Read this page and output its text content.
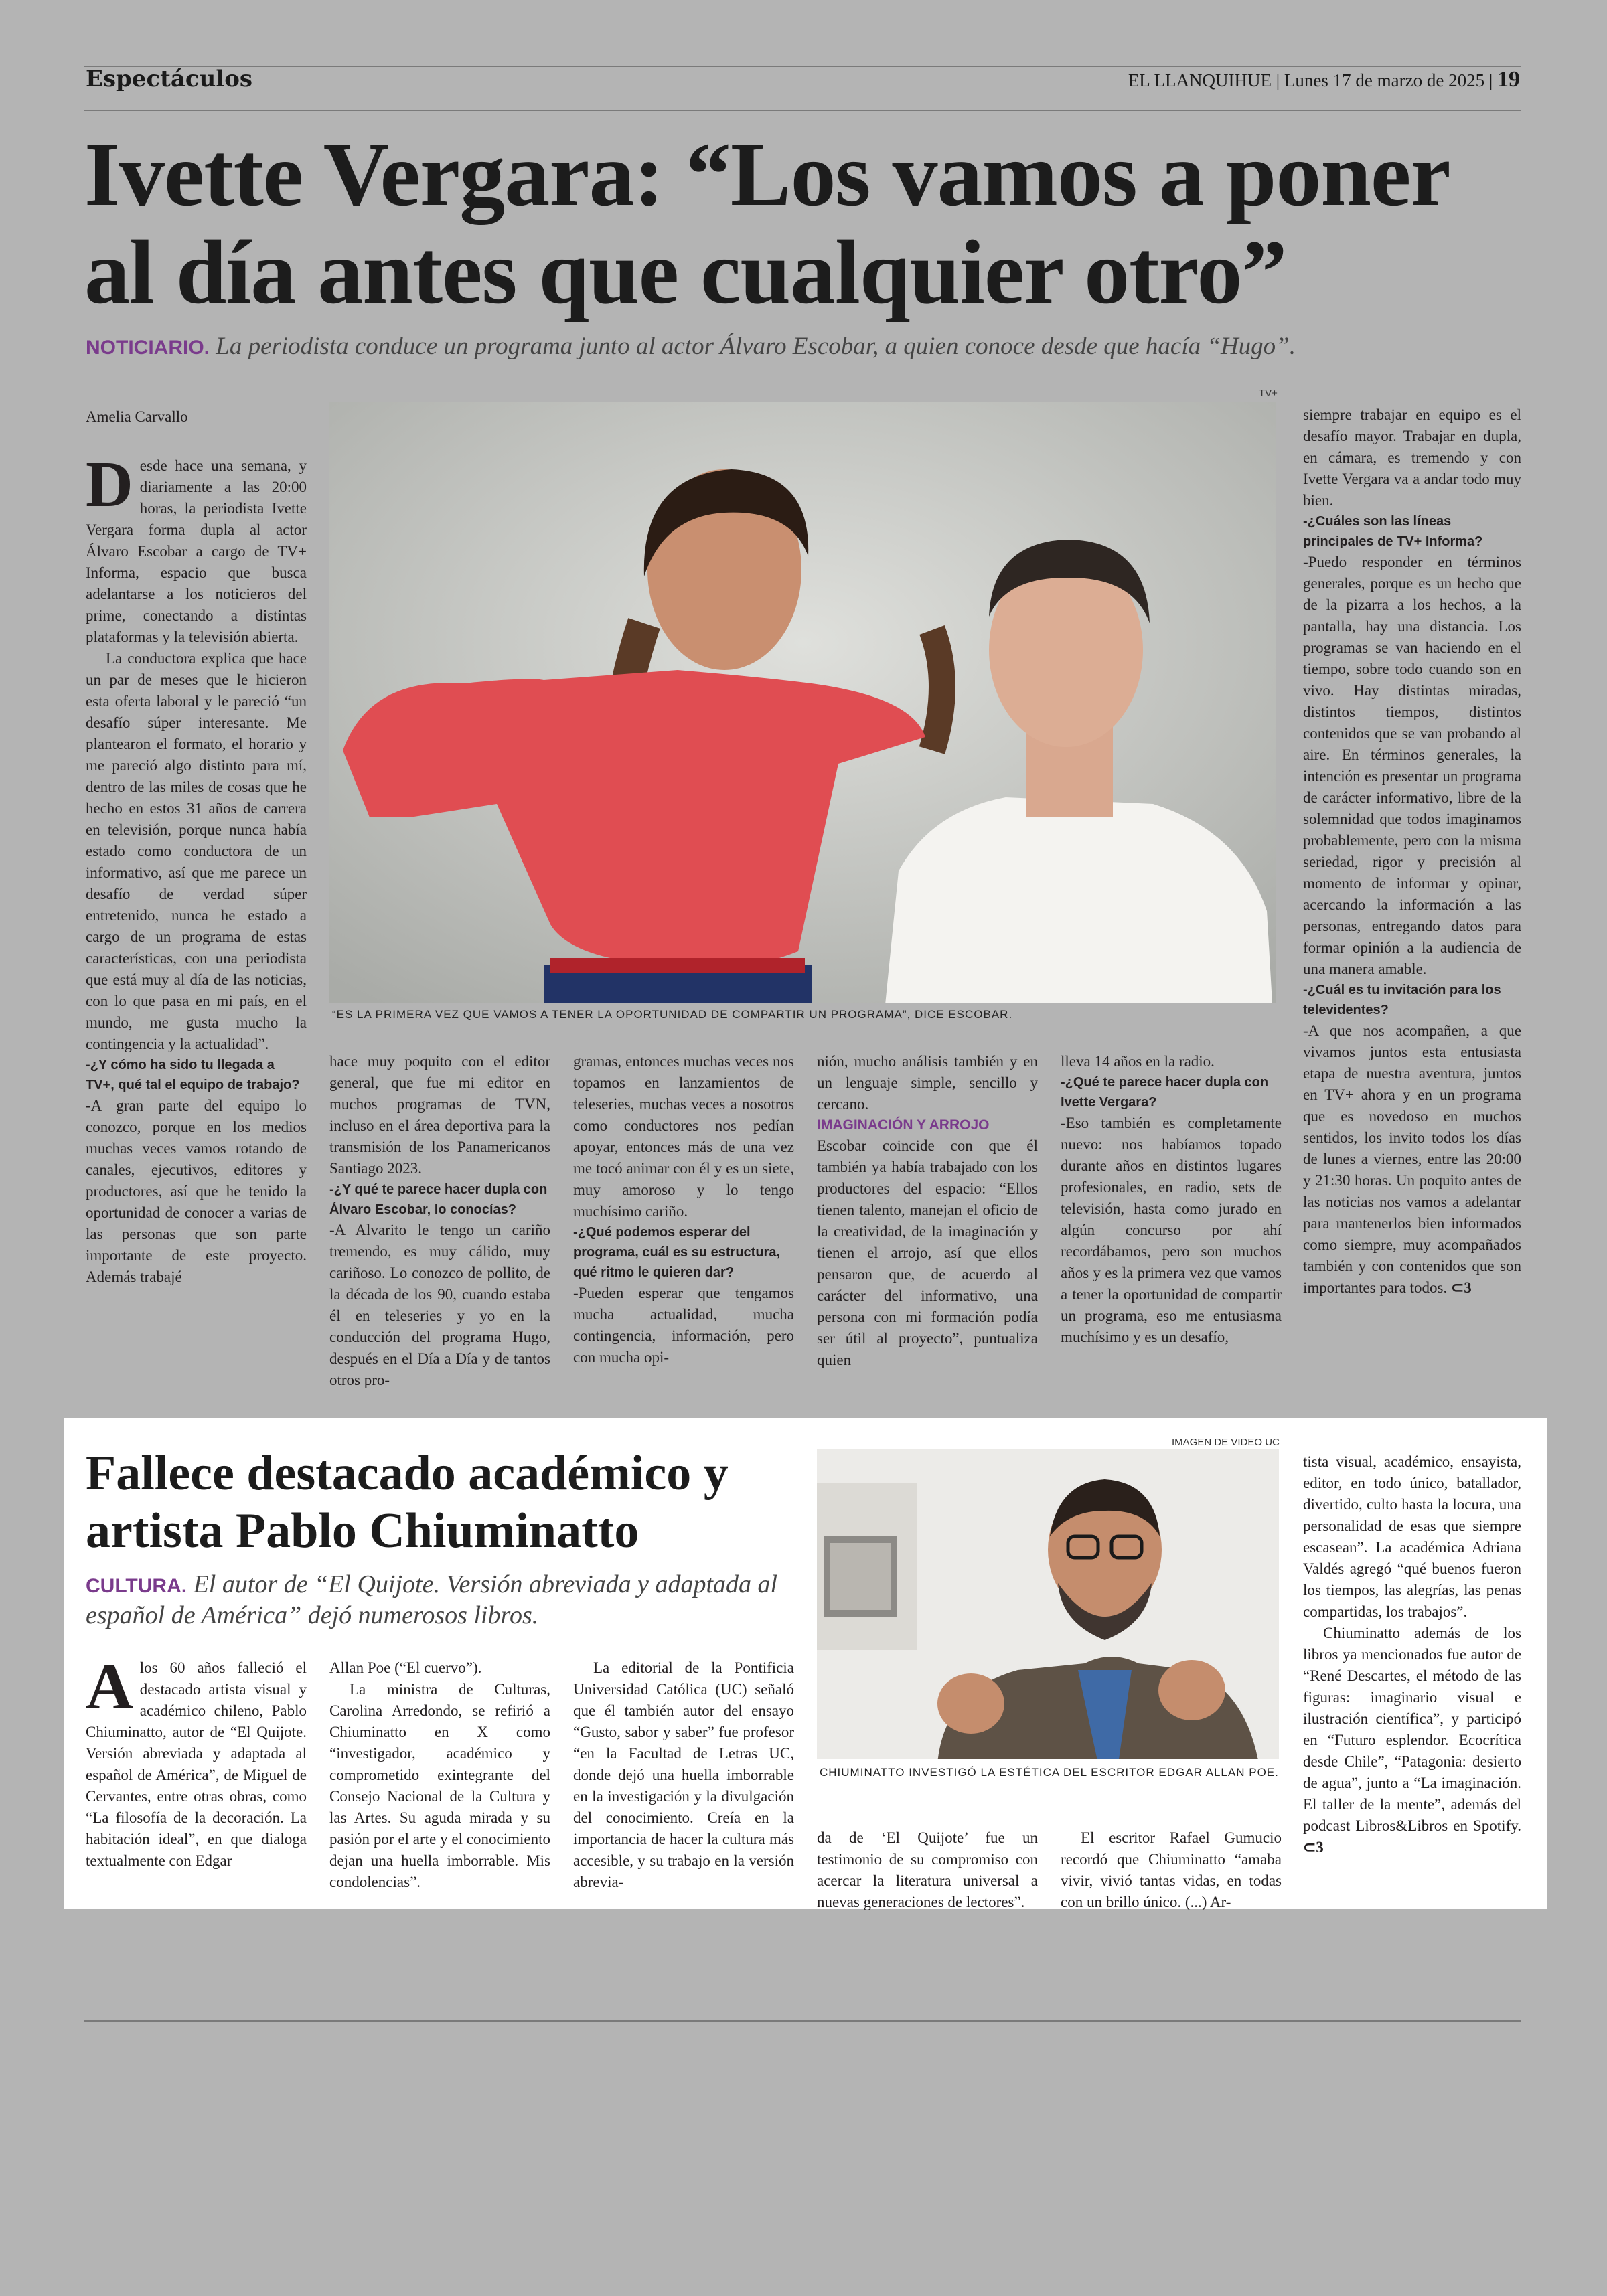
Espectáculos	EL LLANQUIHUE | Lunes 17 de marzo de 2025 | 19
Ivette Vergara: “Los vamos a poner al día antes que cualquier otro”
NOTICIARIO. La periodista conduce un programa junto al actor Álvaro Escobar, a quien conoce desde que hacía “Hugo”.
Amelia Carvallo
TV+
“ES LA PRIMERA VEZ QUE VAMOS A TENER LA OPORTUNIDAD DE COMPARTIR UN PROGRAMA”, DICE ESCOBAR.

Desde hace una semana, y diariamente a las 20:00 horas, la periodista Ivette Vergara forma dupla al actor Álvaro Escobar a cargo de TV+ Informa, espacio que busca adelantarse a los noticieros del prime, conectando a distintas plataformas y la televisión abierta.

La conductora explica que hace un par de meses que le hicieron esta oferta laboral y le pareció “un desafío súper interesante. Me plantearon el formato, el horario y me pareció algo distinto para mí, dentro de las miles de cosas que he hecho en estos 31 años de carrera en televisión, porque nunca había estado como conductora de un informativo, así que me parece un desafío de verdad súper entretenido, nunca he estado a cargo de un programa de estas características, con una periodista que está muy al día de las noticias, con lo que pasa en mi país, en el mundo, me gusta mucho la contingencia y la actualidad”.

-¿Y cómo ha sido tu llegada a TV+, qué tal el equipo de trabajo?

-A gran parte del equipo lo conozco, porque en los medios muchas veces vamos rotando de canales, ejecutivos, editores y productores, así que he tenido la oportunidad de conocer a varias de las personas que son parte importante de este proyecto. Además trabajé

hace muy poquito con el editor general, que fue mi editor en muchos programas de TVN, incluso en el área deportiva para la transmisión de los Panamericanos Santiago 2023.

-¿Y qué te parece hacer dupla con Álvaro Escobar, lo conocías?

-A Alvarito le tengo un cariño tremendo, es muy cálido, muy cariñoso. Lo conozco de pollito, de la década de los 90, cuando estaba él en teleseries y yo en la conducción del programa Hugo, después en el Día a Día y de tantos otros pro-

gramas, entonces muchas veces nos topamos en lanzamientos de teleseries, muchas veces a nosotros como conductores nos pedían apoyar, entonces más de una vez me tocó animar con él y es un siete, muy amoroso y lo tengo muchísimo cariño.

-¿Qué podemos esperar del programa, cuál es su estructura, qué ritmo le quieren dar?

-Pueden esperar que tengamos mucha actualidad, mucha contingencia, información, pero con mucha opi-

nión, mucho análisis también y en un lenguaje simple, sencillo y cercano.

IMAGINACIÓN Y ARROJO

Escobar coincide con que él también ya había trabajado con los productores del espacio: “Ellos tienen talento, manejan el oficio de la creatividad, de la imaginación y tienen el arrojo, así que ellos pensaron que, de acuerdo al carácter del informativo, una persona con mi formación podía ser útil al proyecto”, puntualiza quien

lleva 14 años en la radio.

-¿Qué te parece hacer dupla con Ivette Vergara?

-Eso también es completamente nuevo: nos habíamos topado durante años en distintos lugares profesionales, en radio, sets de televisión, hasta como jurado en algún concurso por ahí recordábamos, pero son muchos años y es la primera vez que vamos a tener la oportunidad de compartir un programa, eso me entusiasma muchísimo y es un desafío,

siempre trabajar en equipo es el desafío mayor. Trabajar en dupla, en cámara, es tremendo y con Ivette Vergara va a andar todo muy bien.

-¿Cuáles son las líneas principales de TV+ Informa?

-Puedo responder en términos generales, porque es un hecho que de la pizarra a los hechos, a la pantalla, hay una distancia. Los programas se van haciendo en el tiempo, sobre todo cuando son en vivo. Hay distintas miradas, distintos tiempos, distintos contenidos que se van probando al aire. En términos generales, la intención es presentar un programa de carácter informativo, libre de la solemnidad que todos imaginamos probablemente, pero con la misma seriedad, rigor y precisión al momento de informar y opinar, acercando la información a las personas, entregando datos para formar opinión a la audiencia de una manera amable.

-¿Cuál es tu invitación para los televidentes?

-A que nos acompañen, a que vivamos juntos esta entusiasta etapa de nuestra aventura, juntos en TV+ ahora y en un programa que es novedoso en muchos sentidos, los invito todos los días de lunes a viernes, entre las 20:00 y 21:30 horas. Un poquito antes de las noticias nos vamos a adelantar para mantenerlos bien informados como siempre, muy acompañados también y con contenidos que son importantes para todos. ⊂3

Fallece destacado académico y artista Pablo Chiuminatto
CULTURA. El autor de “El Quijote. Versión abreviada y adaptada al español de América” dejó numerosos libros.
IMAGEN DE VIDEO UC
CHIUMINATTO INVESTIGÓ LA ESTÉTICA DEL ESCRITOR EDGAR ALLAN POE.

Alos 60 años falleció el destacado artista visual y académico chileno, Pablo Chiuminatto, autor de “El Quijote. Versión abreviada y adaptada al español de América”, de Miguel de Cervantes, entre otras obras, como “La filosofía de la decoración. La habitación ideal”, en que dialoga textualmente con Edgar

Allan Poe (“El cuervo”).

La ministra de Culturas, Carolina Arredondo, se refirió a Chiuminatto en X como “investigador, académico y comprometido exintegrante del Consejo Nacional de la Cultura y las Artes. Su aguda mirada y su pasión por el arte y el conocimiento dejan una huella imborrable. Mis condolencias”.

La editorial de la Pontificia Universidad Católica (UC) señaló que él también autor del ensayo “Gusto, sabor y saber” fue profesor “en la Facultad de Letras UC, donde dejó una huella imborrable en la investigación y la divulgación del conocimiento. Creía en la importancia de hacer la cultura más accesible, y su trabajo en la versión abrevia-

da de ‘El Quijote’ fue un testimonio de su compromiso con acercar la literatura universal a nuevas generaciones de lectores”.

El escritor Rafael Gumucio recordó que Chiuminatto “amaba vivir, vivió tantas vidas, en todas con un brillo único. (...) Ar-

tista visual, académico, ensayista, editor, en todo único, batallador, divertido, culto hasta la locura, una personalidad de esas que siempre escasean”. La académica Adriana Valdés agregó “qué buenos fueron los tiempos, las alegrías, las penas compartidas, los trabajos”.

Chiuminatto además de los libros ya mencionados fue autor de “René Descartes, el método de las figuras: imaginario visual e ilustración científica”, y participó en “Futuro esplendor. Ecocrítica desde Chile”, “Patagonia: desierto de agua”, junto a “La imaginación. El taller de la mente”, además del podcast Libros&Libros en Spotify. ⊂3
